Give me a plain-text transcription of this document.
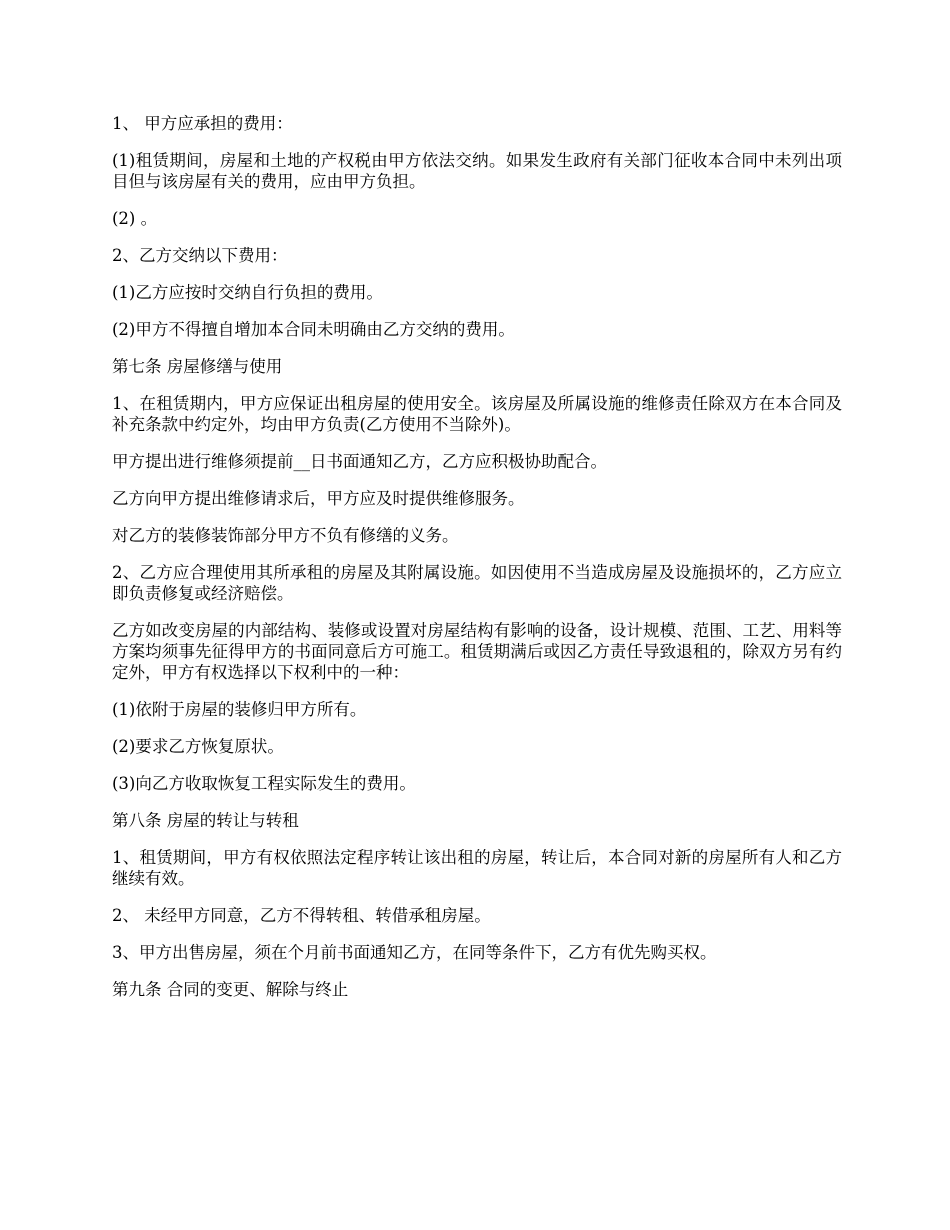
1、 甲方应承担的费用：

(1)租赁期间，房屋和土地的产权税由甲方依法交纳。如果发生政府有关部门征收本合同中未列出项目但与该房屋有关的费用，应由甲方负担。

(2) 。

2、乙方交纳以下费用：

(1)乙方应按时交纳自行负担的费用。

(2)甲方不得擅自增加本合同未明确由乙方交纳的费用。

第七条 房屋修缮与使用

1、在租赁期内，甲方应保证出租房屋的使用安全。该房屋及所属设施的维修责任除双方在本合同及补充条款中约定外，均由甲方负责(乙方使用不当除外)。

甲方提出进行维修须提前__日书面通知乙方，乙方应积极协助配合。

乙方向甲方提出维修请求后，甲方应及时提供维修服务。

对乙方的装修装饰部分甲方不负有修缮的义务。

2、乙方应合理使用其所承租的房屋及其附属设施。如因使用不当造成房屋及设施损坏的，乙方应立即负责修复或经济赔偿。

乙方如改变房屋的内部结构、装修或设置对房屋结构有影响的设备，设计规模、范围、工艺、用料等方案均须事先征得甲方的书面同意后方可施工。租赁期满后或因乙方责任导致退租的，除双方另有约定外，甲方有权选择以下权利中的一种：

(1)依附于房屋的装修归甲方所有。

(2)要求乙方恢复原状。

(3)向乙方收取恢复工程实际发生的费用。

第八条 房屋的转让与转租

1、租赁期间，甲方有权依照法定程序转让该出租的房屋，转让后，本合同对新的房屋所有人和乙方继续有效。

2、 未经甲方同意，乙方不得转租、转借承租房屋。

3、甲方出售房屋，须在个月前书面通知乙方，在同等条件下，乙方有优先购买权。

第九条 合同的变更、解除与终止
